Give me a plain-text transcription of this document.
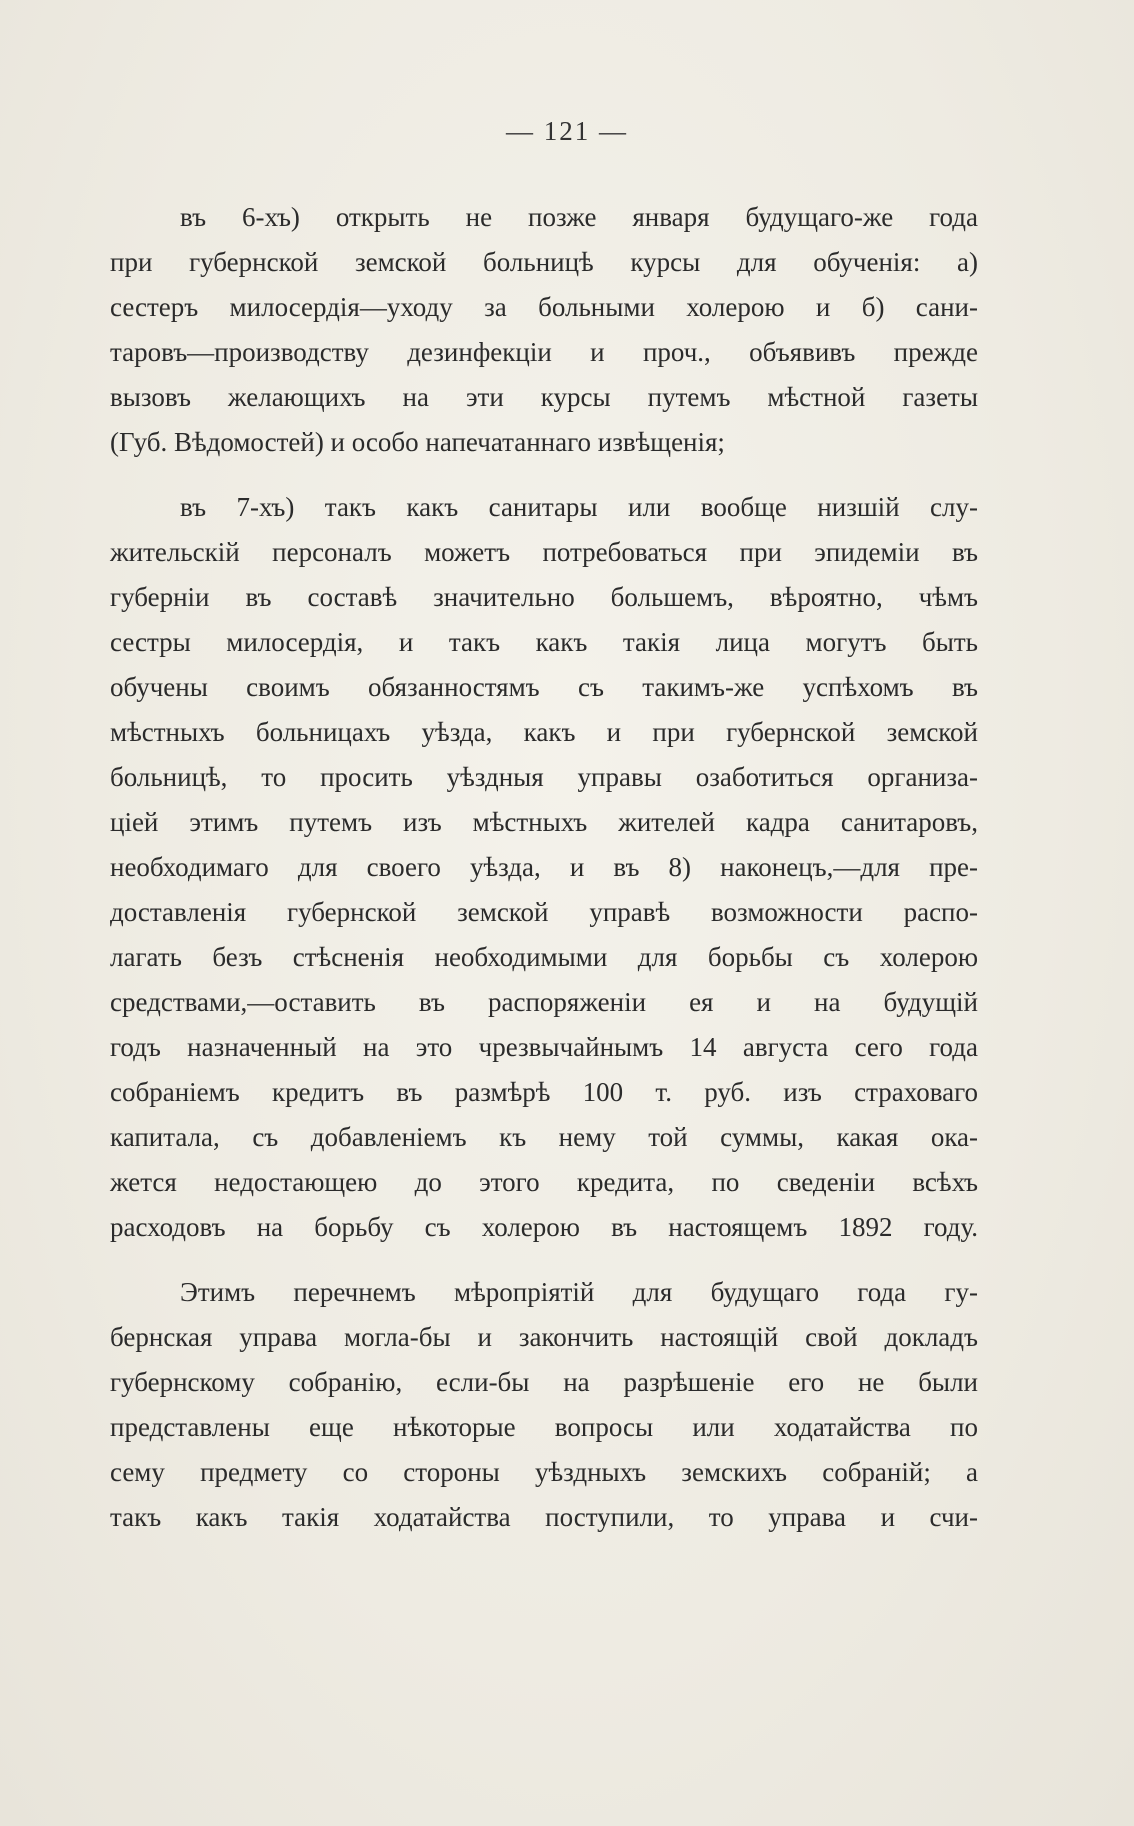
— 121 —

въ 6-хъ) открыть не позже января будущаго-же года
при губернской земской больницѣ курсы для обученія: а)
сестеръ милосердія—уходу за больными холерою и б) сани-
таровъ—производству дезинфекціи и проч., объявивъ прежде
вызовъ желающихъ на эти курсы путемъ мѣстной газеты
(Губ. Вѣдомостей) и особо напечатаннаго извѣщенія;

въ 7-хъ) такъ какъ санитары или вообще низшій слу-
жительскій персоналъ можетъ потребоваться при эпидеміи въ
губерніи въ составѣ значительно большемъ, вѣроятно, чѣмъ
сестры милосердія, и такъ какъ такія лица могутъ быть
обучены своимъ обязанностямъ съ такимъ-же успѣхомъ въ
мѣстныхъ больницахъ уѣзда, какъ и при губернской земской
больницѣ, то просить уѣздныя управы озаботиться организа-
ціей этимъ путемъ изъ мѣстныхъ жителей кадра санитаровъ,
необходимаго для своего уѣзда, и въ 8) наконецъ,—для пре-
доставленія губернской земской управѣ возможности распо-
лагать безъ стѣсненія необходимыми для борьбы съ холерою
средствами,—оставить въ распоряженіи ея и на будущій
годъ назначенный на это чрезвычайнымъ 14 августа сего года
собраніемъ кредитъ въ размѣрѣ 100 т. руб. изъ страховаго
капитала, съ добавленіемъ къ нему той суммы, какая ока-
жется недостающею до этого кредита, по сведеніи всѣхъ
расходовъ на борьбу съ холерою въ настоящемъ 1892 году.

Этимъ перечнемъ мѣропріятій для будущаго года гу-
бернская управа могла-бы и закончить настоящій свой докладъ
губернскому собранію, если-бы на разрѣшеніе его не были
представлены еще нѣкоторые вопросы или ходатайства по
сему предмету со стороны уѣздныхъ земскихъ собраній; а
такъ какъ такія ходатайства поступили, то управа и счи-
